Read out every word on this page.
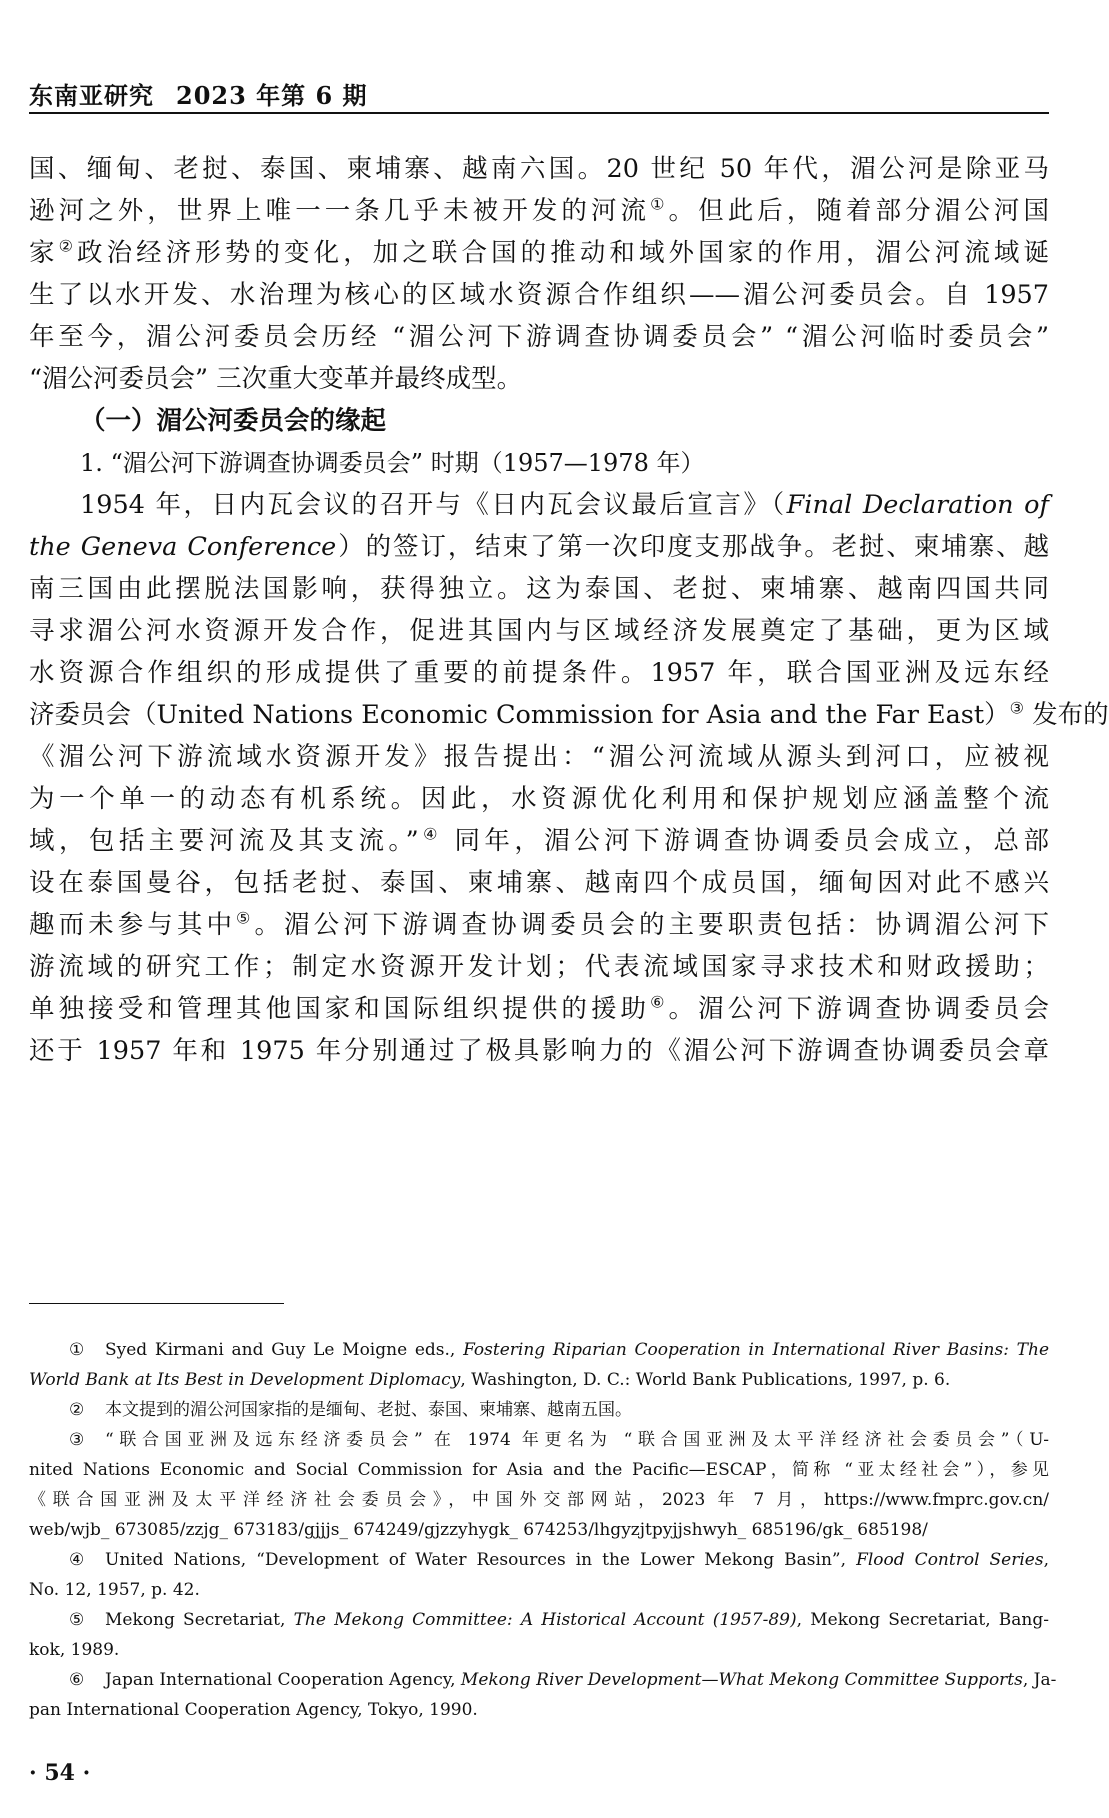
东南亚研究 2023 年第 6 期
国、缅甸、老挝、泰国、柬埔寨、越南六国。20 世纪 50 年代，湄公河是除亚马
逊河之外，世界上唯一一条几乎未被开发的河流①。但此后，随着部分湄公河国
家②政治经济形势的变化，加之联合国的推动和域外国家的作用，湄公河流域诞
生了以水开发、水治理为核心的区域水资源合作组织——湄公河委员会。自 1957
年至今，湄公河委员会历经 “湄公河下游调查协调委员会” “湄公河临时委员会”
“湄公河委员会” 三次重大变革并最终成型。
（一）湄公河委员会的缘起
1. “湄公河下游调查协调委员会” 时期（1957—1978 年）
1954 年，日内瓦会议的召开与《日内瓦会议最后宣言》（Final Declaration of
the Geneva Conference）的签订，结束了第一次印度支那战争。老挝、柬埔寨、越
南三国由此摆脱法国影响，获得独立。这为泰国、老挝、柬埔寨、越南四国共同
寻求湄公河水资源开发合作，促进其国内与区域经济发展奠定了基础，更为区域
水资源合作组织的形成提供了重要的前提条件。1957 年，联合国亚洲及远东经
济委员会（United Nations Economic Commission for Asia and the Far East）③ 发布的
《湄公河下游流域水资源开发》报告提出：“湄公河流域从源头到河口，应被视
为一个单一的动态有机系统。因此，水资源优化利用和保护规划应涵盖整个流
域，包括主要河流及其支流。”④ 同年，湄公河下游调查协调委员会成立，总部
设在泰国曼谷，包括老挝、泰国、柬埔寨、越南四个成员国，缅甸因对此不感兴
趣而未参与其中⑤。湄公河下游调查协调委员会的主要职责包括：协调湄公河下
游流域的研究工作；制定水资源开发计划；代表流域国家寻求技术和财政援助；
单独接受和管理其他国家和国际组织提供的援助⑥。湄公河下游调查协调委员会
还于 1957 年和 1975 年分别通过了极具影响力的《湄公河下游调查协调委员会章
① Syed Kirmani and Guy Le Moigne eds., Fostering Riparian Cooperation in International River Basins: The
World Bank at Its Best in Development Diplomacy, Washington, D. C.: World Bank Publications, 1997, p. 6.
② 本文提到的湄公河国家指的是缅甸、老挝、泰国、柬埔寨、越南五国。
③ “联合国亚洲及远东经济委员会” 在 1974 年更名为 “联合国亚洲及太平洋经济社会委员会”（U-
nited Nations Economic and Social Commission for Asia and the Pacific—ESCAP，简称 “亚太经社会”），参见
《联合国亚洲及太平洋经济社会委员会》，中国外交部网站，2023 年 7 月，https://www.fmprc.gov.cn/
web/wjb_ 673085/zzjg_ 673183/gjjjs_ 674249/gjzzyhygk_ 674253/lhgyzjtpyjjshwyh_ 685196/gk_ 685198/
④ United Nations, “Development of Water Resources in the Lower Mekong Basin”, Flood Control Series,
No. 12, 1957, p. 42.
⑤ Mekong Secretariat, The Mekong Committee: A Historical Account (1957-89), Mekong Secretariat, Bang-
kok, 1989.
⑥ Japan International Cooperation Agency, Mekong River Development—What Mekong Committee Supports, Ja-
pan International Cooperation Agency, Tokyo, 1990.
· 54 ·
